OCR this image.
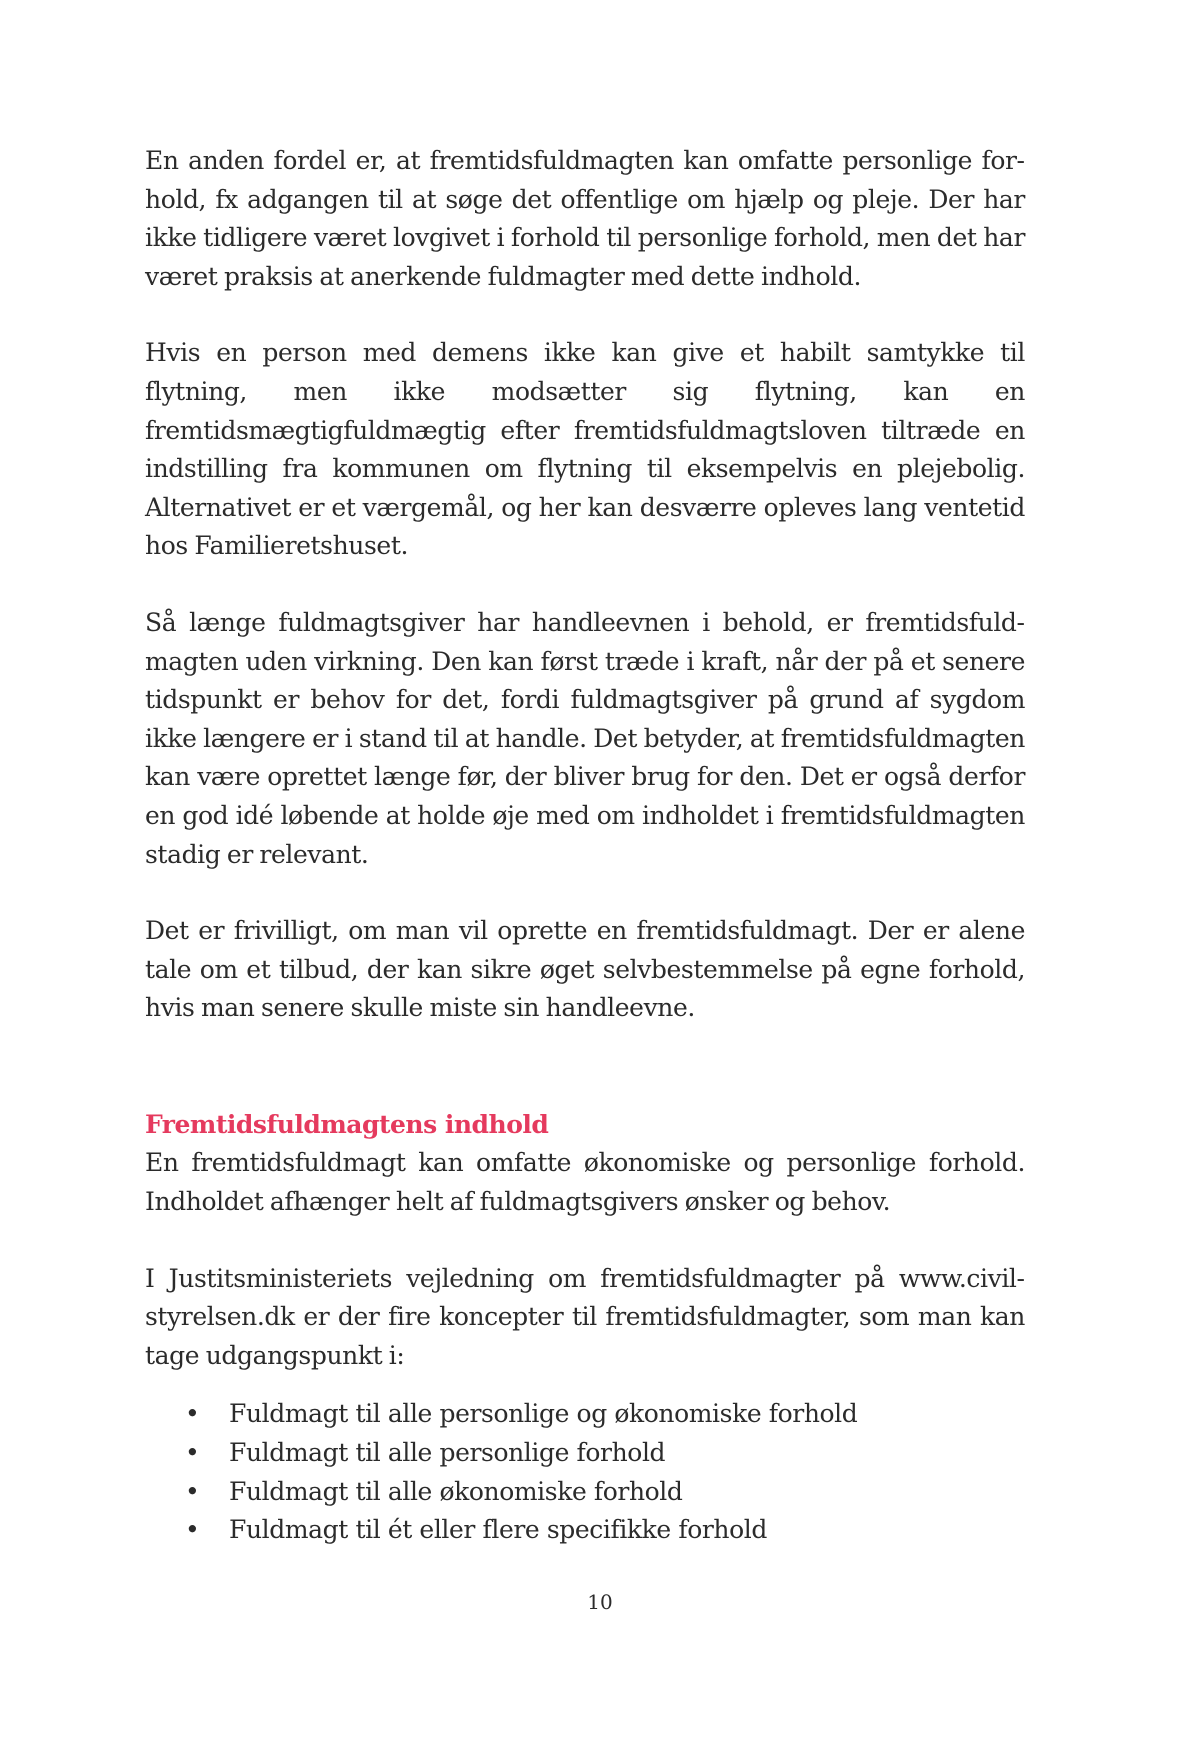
En anden fordel er, at fremtidsfuldmagten kan omfatte personlige forhold, fx adgangen til at søge det offentlige om hjælp og pleje. Der har ikke tidligere været lovgivet i forhold til personlige forhold, men det har været praksis at anerkende fuldmagter med dette indhold.

Hvis en person med demens ikke kan give et habilt samtykke til flytning, men ikke modsætter sig flytning, kan en fremtidsmægtigfuldmægtig efter fremtidsfuldmagtsloven tiltræde en indstilling fra kommunen om flytning til eksempelvis en plejebolig. Alternativet er et værgemål, og her kan desværre opleves lang ventetid hos Familieretshuset.

Så længe fuldmagtsgiver har handleevnen i behold, er fremtidsfuldmagten uden virkning. Den kan først træde i kraft, når der på et senere tidspunkt er behov for det, fordi fuldmagtsgiver på grund af sygdom ikke længere er i stand til at handle. Det betyder, at fremtidsfuldmagten kan være oprettet længe før, der bliver brug for den. Det er også derfor en god idé løbende at holde øje med om indholdet i fremtidsfuldmagten stadig er relevant.

Det er frivilligt, om man vil oprette en fremtidsfuldmagt. Der er alene tale om et tilbud, der kan sikre øget selvbestemmelse på egne forhold, hvis man senere skulle miste sin handleevne.

Fremtidsfuldmagtens indhold

En fremtidsfuldmagt kan omfatte økonomiske og personlige forhold. Indholdet afhænger helt af fuldmagtsgivers ønsker og behov.

I Justitsministeriets vejledning om fremtidsfuldmagter på www.civilstyrelsen.dk er der fire koncepter til fremtidsfuldmagter, som man kan tage udgangspunkt i:

• Fuldmagt til alle personlige og økonomiske forhold
• Fuldmagt til alle personlige forhold
• Fuldmagt til alle økonomiske forhold
• Fuldmagt til ét eller flere specifikke forhold
10
